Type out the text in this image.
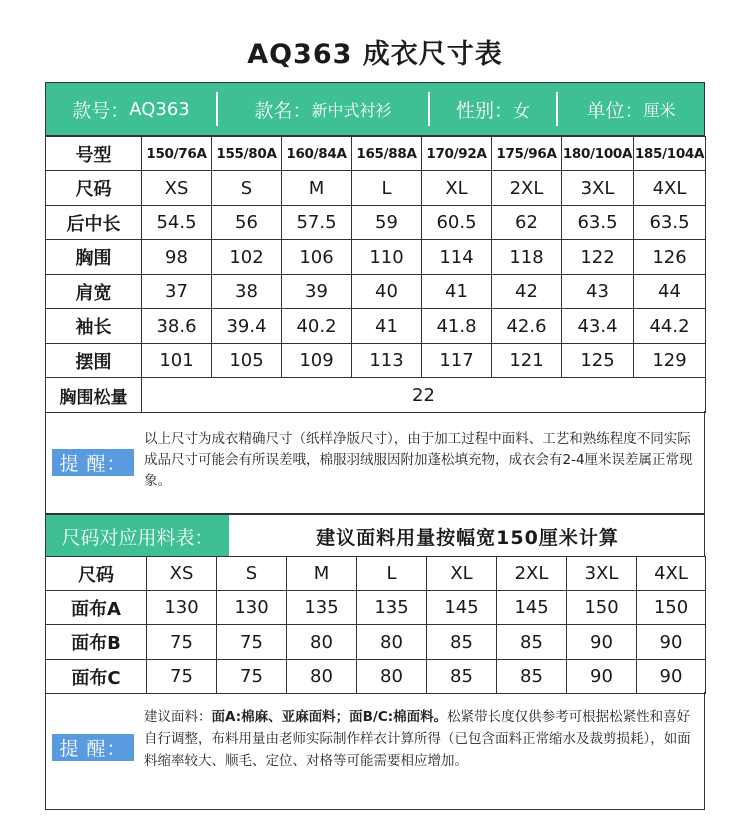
AQ363 成衣尺寸表
款号： AQ363	款名： 新中式衬衫	性别： 女	单位： 厘米
号型	150/76A	155/80A	160/84A	165/88A	170/92A	175/96A	180/100A	185/104A
尺码	XS	S	M	L	XL	2XL	3XL	4XL
后中长	54.5	56	57.5	59	60.5	62	63.5	63.5
胸围	98	102	106	110	114	118	122	126
肩宽	37	38	39	40	41	42	43	44
袖长	38.6	39.4	40.2	41	41.8	42.6	43.4	44.2
摆围	101	105	109	113	117	121	125	129
胸围松量	22							
提 醒：
以上尺寸为成衣精确尺寸（纸样净版尺寸），由于加工过程中面料、工艺和熟练程度不同实际成品尺寸可能会有所误差哦，棉服羽绒服因附加蓬松填充物，成衣会有2-4厘米误差属正常现象。
尺码对应用料表：	建议面料用量按幅宽150厘米计算
尺码	XS	S	M	L	XL	2XL	3XL	4XL
面布A	130	130	135	135	145	145	150	150
面布B	75	75	80	80	85	85	90	90
面布C	75	75	80	80	85	85	90	90
提 醒：
建议面料：面A:棉麻、亚麻面料；面B/C:棉面料。松紧带长度仅供参考可根据松紧性和喜好自行调整，布料用量由老师实际制作样衣计算所得（已包含面料正常缩水及裁剪损耗），如面料缩率较大、顺毛、定位、对格等可能需要相应增加。
